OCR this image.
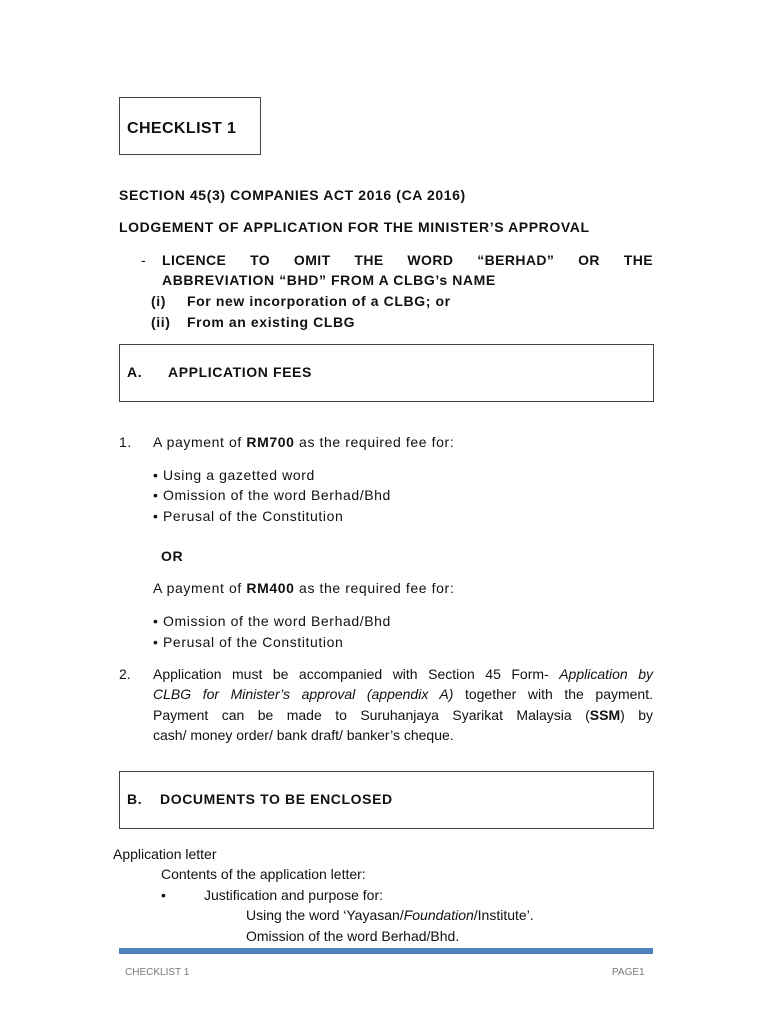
CHECKLIST 1
SECTION 45(3) COMPANIES ACT 2016 (CA 2016)
LODGEMENT OF APPLICATION FOR THE MINISTER’S APPROVAL
- LICENCE TO OMIT THE WORD “BERHAD” OR THE
ABBREVIATION “BHD” FROM A CLBG’s NAME
(i) For new incorporation of a CLBG; or
(ii) From an existing CLBG
A. APPLICATION FEES
1. A payment of RM700 as the required fee for:
• Using a gazetted word
• Omission of the word Berhad/Bhd
• Perusal of the Constitution
OR
A payment of RM400 as the required fee for:
• Omission of the word Berhad/Bhd
• Perusal of the Constitution
2. Application must be accompanied with Section 45 Form- Application by
CLBG for Minister’s approval (appendix A) together with the payment.
Payment can be made to Suruhanjaya Syarikat Malaysia (SSM) by
cash/ money order/ bank draft/ banker’s cheque.
B. DOCUMENTS TO BE ENCLOSED
Application letter
Contents of the application letter:
•	Justification and purpose for:
Using the word ‘Yayasan/Foundation/Institute’.
Omission of the word Berhad/Bhd.
CHECKLIST 1	PAGE1
